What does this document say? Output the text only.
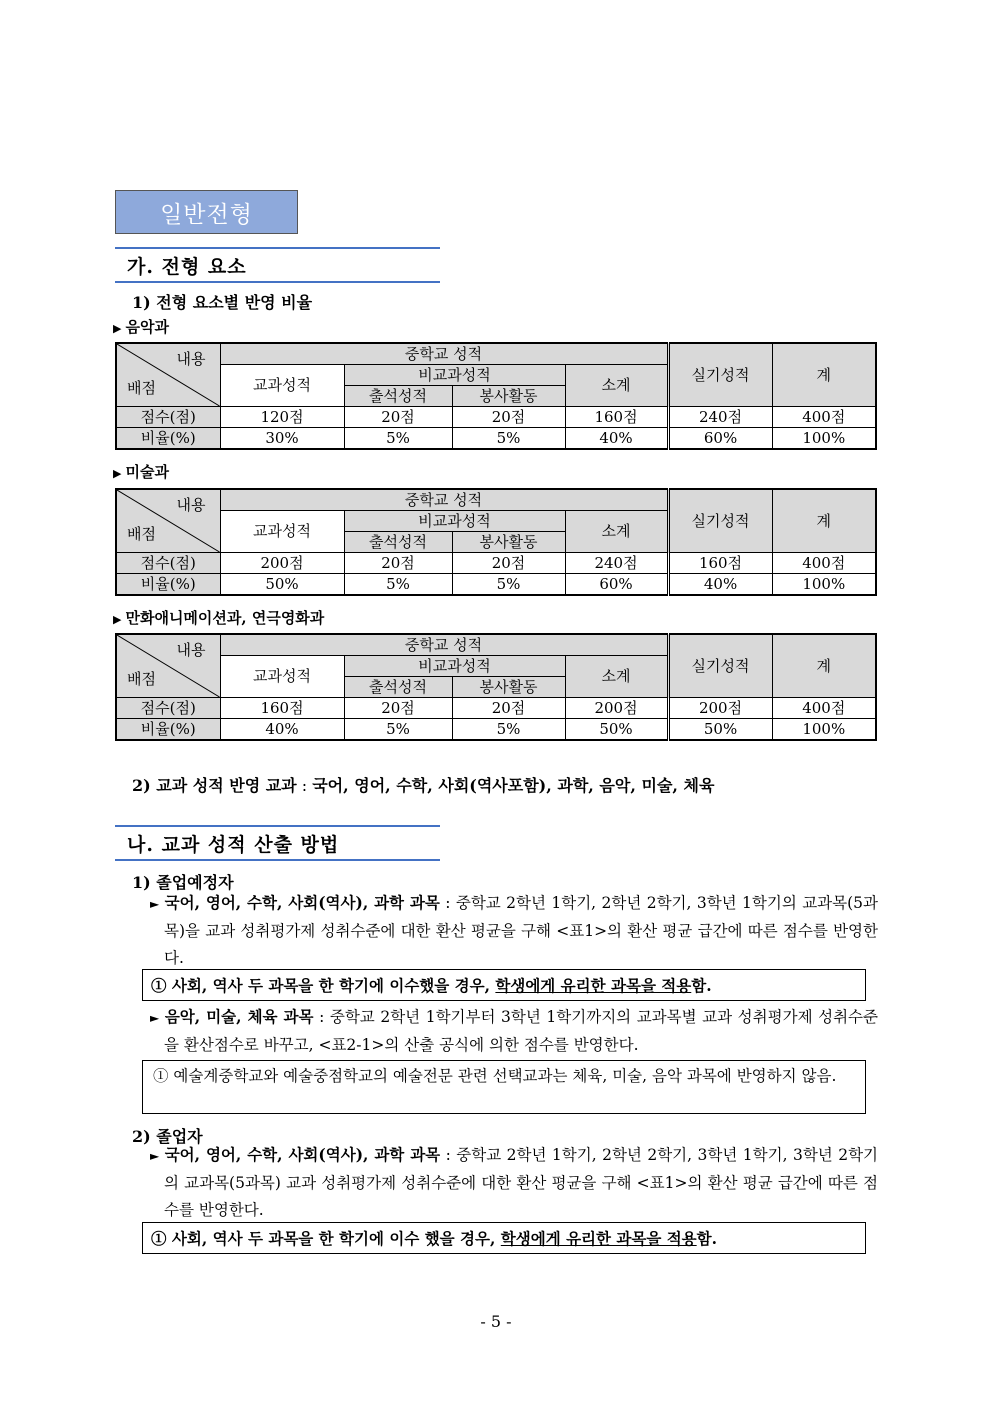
일반전형
가. 전형 요소
1) 전형 요소별 반영 비율
▶ 음악과
내용
배점	중학교 성적				실기성적	계
	교과성적	비교과성적		소계		
		출석성적	봉사활동			
점수(점)	120점	20점	20점	160점	240점	400점
비율(%)	30%	5%	5%	40%	60%	100%
▶ 미술과
내용
배점	중학교 성적				실기성적	계
	교과성적	비교과성적		소계		
		출석성적	봉사활동			
점수(점)	200점	20점	20점	240점	160점	400점
비율(%)	50%	5%	5%	60%	40%	100%
▶ 만화애니메이션과, 연극영화과
내용
배점	중학교 성적				실기성적	계
	교과성적	비교과성적		소계		
		출석성적	봉사활동			
점수(점)	160점	20점	20점	200점	200점	400점
비율(%)	40%	5%	5%	50%	50%	100%
2) 교과 성적 반영 교과 : 국어, 영어, 수학, 사회(역사포함), 과학, 음악, 미술, 체육
나. 교과 성적 산출 방법
1) 졸업예정자
► 국어, 영어, 수학, 사회(역사), 과학 과목 : 중학교 2학년 1학기, 2학년 2학기, 3학년 1학기의 교과목(5과목)을 교과 성취평가제 성취수준에 대한 환산 평균을 구해 <표1>의 환산 평균 급간에 따른 점수를 반영한다.
① 사회, 역사 두 과목을 한 학기에 이수했을 경우, 학생에게 유리한 과목을 적용함.
► 음악, 미술, 체육 과목 : 중학교 2학년 1학기부터 3학년 1학기까지의 교과목별 교과 성취평가제 성취수준을 환산점수로 바꾸고, <표2-1>의 산출 공식에 의한 점수를 반영한다.
① 예술계중학교와 예술중점학교의 예술전문 관련 선택교과는 체육, 미술, 음악 과목에 반영하지 않음.
2) 졸업자
► 국어, 영어, 수학, 사회(역사), 과학 과목 : 중학교 2학년 1학기, 2학년 2학기, 3학년 1학기, 3학년 2학기의 교과목(5과목) 교과 성취평가제 성취수준에 대한 환산 평균을 구해 <표1>의 환산 평균 급간에 따른 점수를 반영한다.
① 사회, 역사 두 과목을 한 학기에 이수 했을 경우, 학생에게 유리한 과목을 적용함.
- 5 -
